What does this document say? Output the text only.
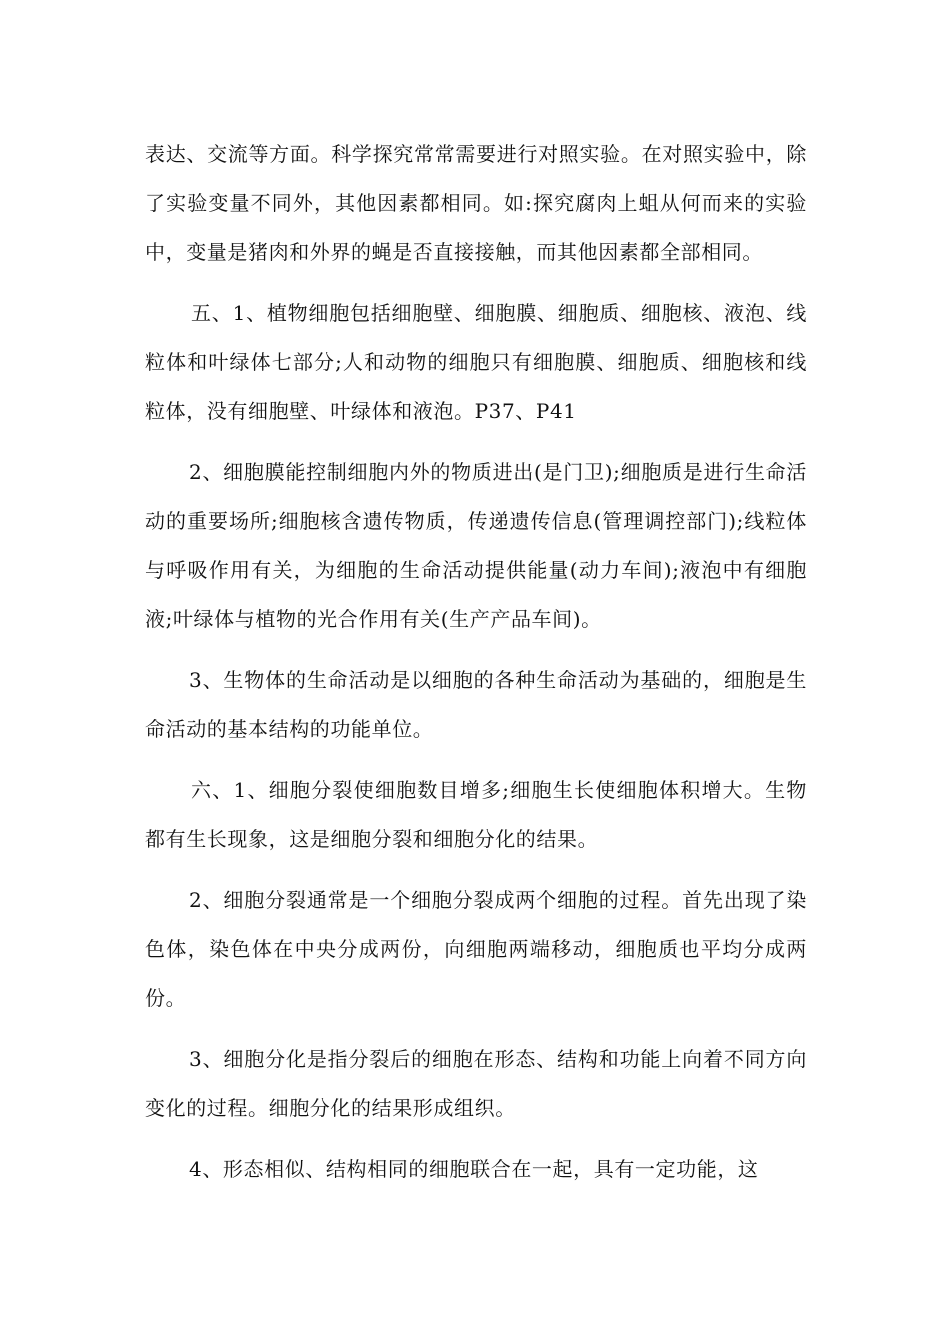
表达、交流等方面。科学探究常常需要进行对照实验。在对照实验中，除了实验变量不同外，其他因素都相同。如:探究腐肉上蛆从何而来的实验中，变量是猪肉和外界的蝇是否直接接触，而其他因素都全部相同。

五、1、植物细胞包括细胞壁、细胞膜、细胞质、细胞核、液泡、线粒体和叶绿体七部分;人和动物的细胞只有细胞膜、细胞质、细胞核和线粒体，没有细胞壁、叶绿体和液泡。P37、P41

2、细胞膜能控制细胞内外的物质进出(是门卫);细胞质是进行生命活动的重要场所;细胞核含遗传物质，传递遗传信息(管理调控部门);线粒体与呼吸作用有关，为细胞的生命活动提供能量(动力车间);液泡中有细胞液;叶绿体与植物的光合作用有关(生产产品车间)。

3、生物体的生命活动是以细胞的各种生命活动为基础的，细胞是生命活动的基本结构的功能单位。

六、1、细胞分裂使细胞数目增多;细胞生长使细胞体积增大。生物都有生长现象，这是细胞分裂和细胞分化的结果。

2、细胞分裂通常是一个细胞分裂成两个细胞的过程。首先出现了染色体，染色体在中央分成两份，向细胞两端移动，细胞质也平均分成两份。

3、细胞分化是指分裂后的细胞在形态、结构和功能上向着不同方向变化的过程。细胞分化的结果形成组织。

4、形态相似、结构相同的细胞联合在一起，具有一定功能，这
